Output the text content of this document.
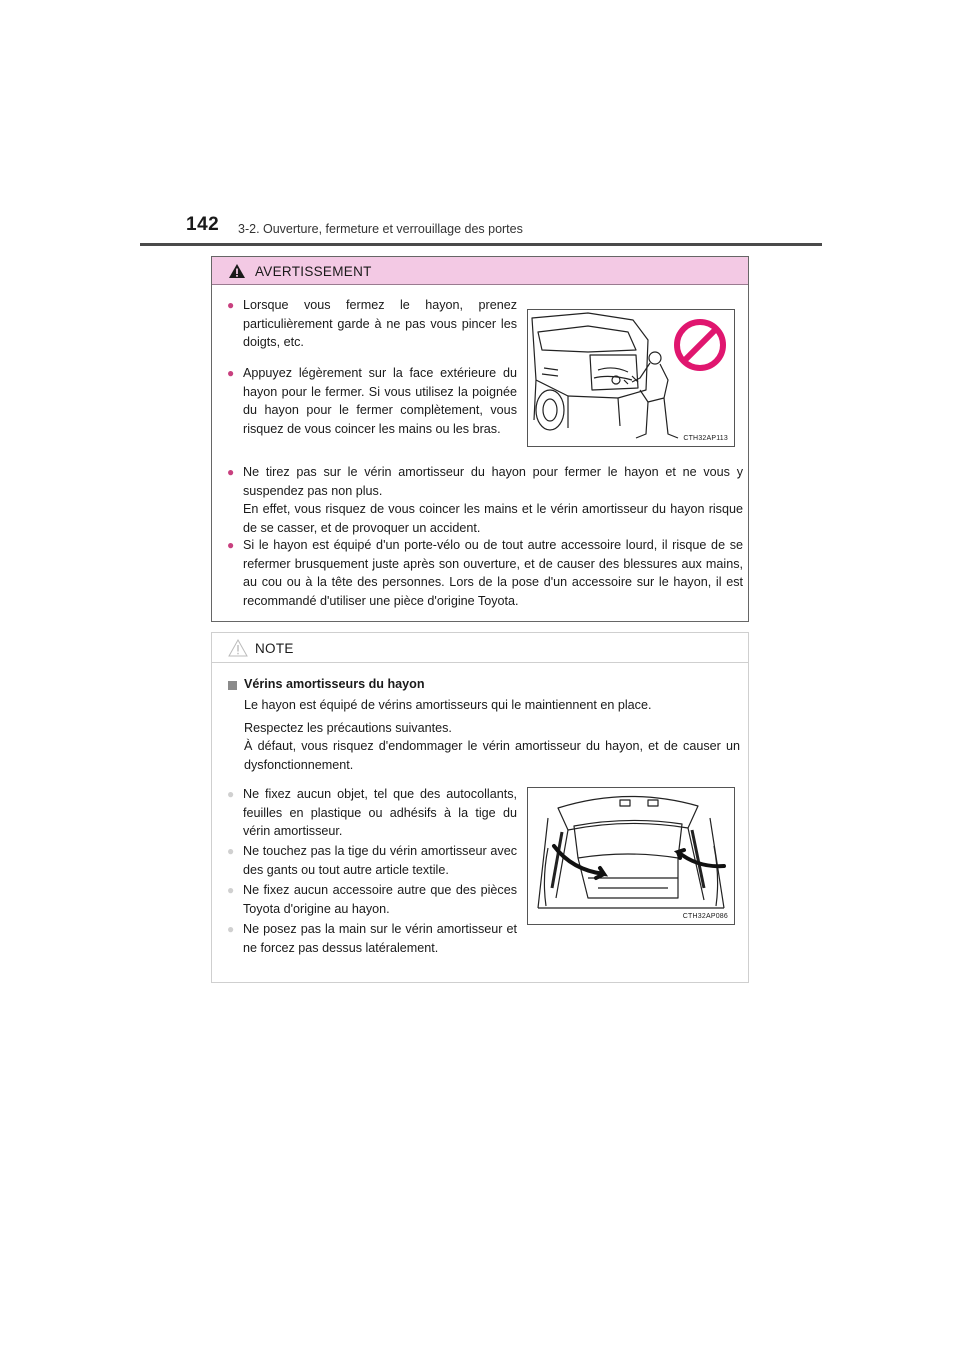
142 3-2. Ouverture, fermeture et verrouillage des portes
AVERTISSEMENT
● Lorsque vous fermez le hayon, prenez particulièrement garde à ne pas vous pincer les doigts, etc.
● Appuyez légèrement sur la face extérieure du hayon pour le fermer. Si vous utilisez la poignée du hayon pour le fermer complètement, vous risquez de vous coincer les mains ou les bras.
CTH32AP113
● Ne tirez pas sur le vérin amortisseur du hayon pour fermer le hayon et ne vous y suspendez pas non plus.
En effet, vous risquez de vous coincer les mains et le vérin amortisseur du hayon risque de se casser, et de provoquer un accident.
● Si le hayon est équipé d'un porte-vélo ou de tout autre accessoire lourd, il risque de se refermer brusquement juste après son ouverture, et de causer des blessures aux mains, au cou ou à la tête des personnes. Lors de la pose d'un accessoire sur le hayon, il est recommandé d'utiliser une pièce d'origine Toyota.
NOTE
Vérins amortisseurs du hayon
Le hayon est équipé de vérins amortisseurs qui le maintiennent en place.
Respectez les précautions suivantes.
À défaut, vous risquez d'endommager le vérin amortisseur du hayon, et de causer un dysfonctionnement.
● Ne fixez aucun objet, tel que des autocollants, feuilles en plastique ou adhésifs à la tige du vérin amortisseur.
● Ne touchez pas la tige du vérin amortisseur avec des gants ou tout autre article textile.
● Ne fixez aucun accessoire autre que des pièces Toyota d'origine au hayon.
● Ne posez pas la main sur le vérin amortisseur et ne forcez pas dessus latéralement.
CTH32AP086
